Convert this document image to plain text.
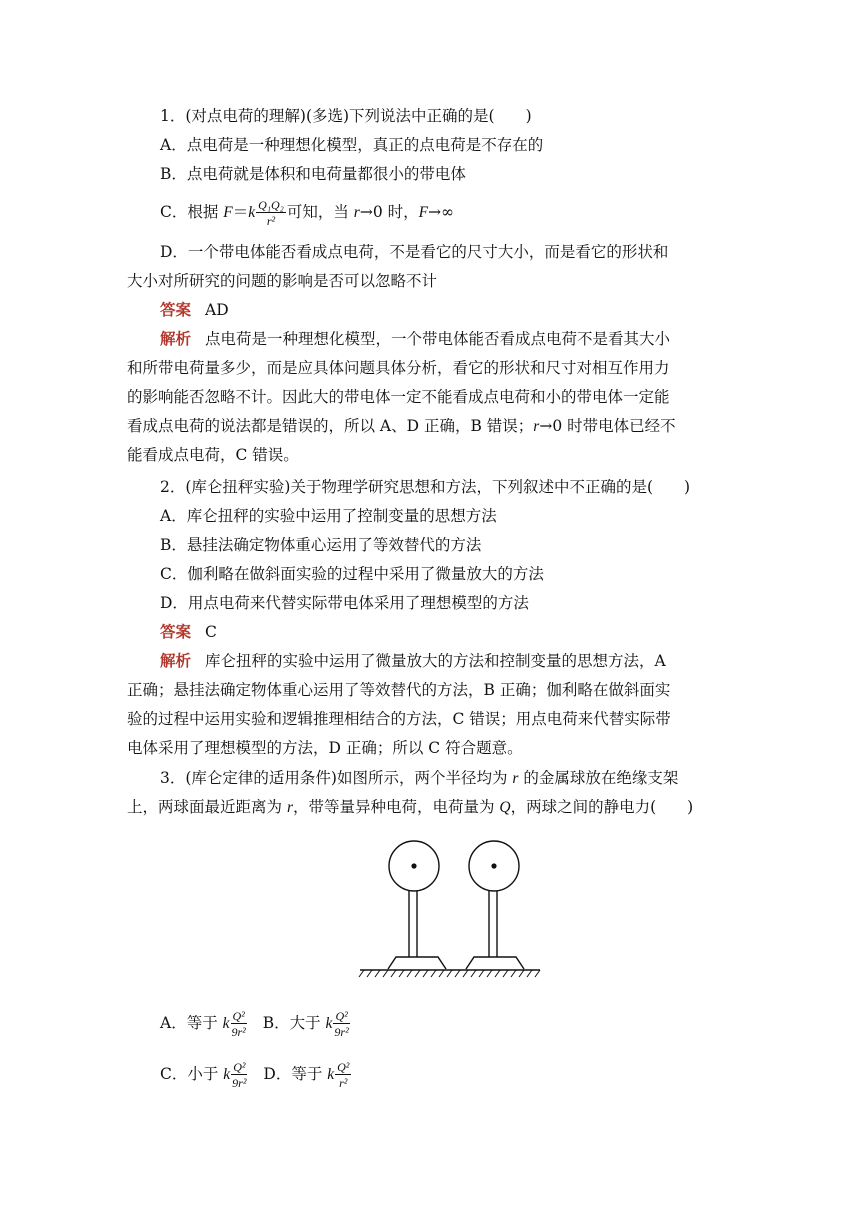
1．(对点电荷的理解)(多选)下列说法中正确的是(　　)
A．点电荷是一种理想化模型，真正的点电荷是不存在的
B．点电荷就是体积和电荷量都很小的带电体
C．根据 $F=k \frac{\text{Q₁Q₂}}{\text{r²}}$ 可知，当 r→0 时，F→∞
D．一个带电体能否看成点电荷，不是看它的尺寸大小，而是看它的形状和
大小对所研究的问题的影响是否可以忽略不计
答案 AD
解析 点电荷是一种理想化模型，一个带电体能否看成点电荷不是看其大小
和所带电荷量多少，而是应具体问题具体分析，看它的形状和尺寸对相互作用力
的影响能否忽略不计。因此大的带电体一定不能看成点电荷和小的带电体一定能
看成点电荷的说法都是错误的，所以 A、D 正确，B 错误；r→0 时带电体已经不
能看成点电荷，C 错误。
2．(库仑扭秤实验)关于物理学研究思想和方法，下列叙述中不正确的是(　　)
A．库仑扭秤的实验中运用了控制变量的思想方法
B．悬挂法确定物体重心运用了等效替代的方法
C．伽利略在做斜面实验的过程中采用了微量放大的方法
D．用点电荷来代替实际带电体采用了理想模型的方法
答案 C
解析 库仑扭秤的实验中运用了微量放大的方法和控制变量的思想方法，A
正确；悬挂法确定物体重心运用了等效替代的方法，B 正确；伽利略在做斜面实
验的过程中运用实验和逻辑推理相结合的方法，C 错误；用点电荷来代替实际带
电体采用了理想模型的方法，D 正确；所以 C 符合题意。
3．(库仑定律的适用条件)如图所示，两个半径均为 r 的金属球放在绝缘支架
上，两球面最近距离为 r，带等量异种电荷，电荷量为 Q，两球之间的静电力(　　)
A．等于 k $\frac{\text{Q²}}{\text{9r²}}$ B．大于 k $\frac{\text{Q²}}{\text{9r²}}$
C．小于 k $\frac{\text{Q²}}{\text{9r²}}$ D．等于 k $\frac{\text{Q²}}{\text{r²}}$
